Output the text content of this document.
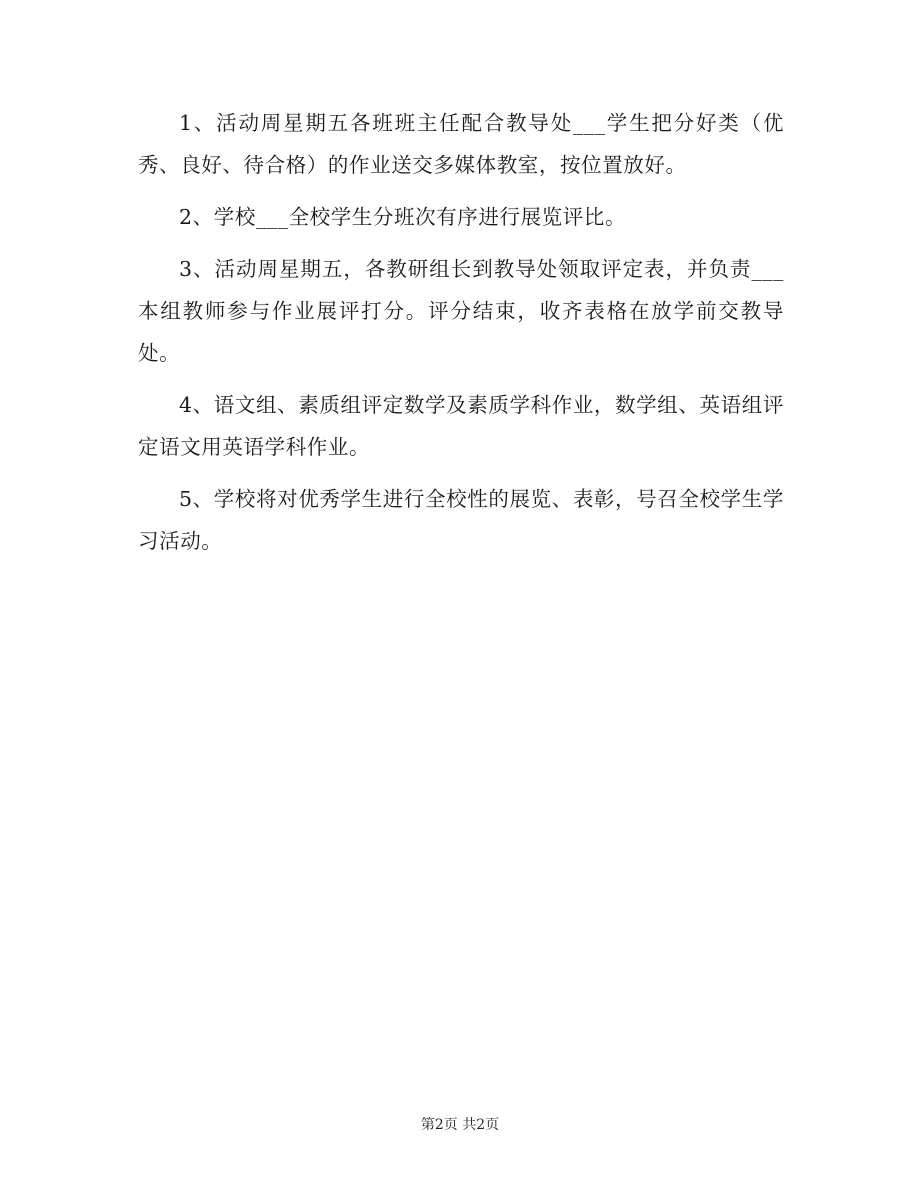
1、活动周星期五各班班主任配合教导处___学生把分好类（优秀、良好、待合格）的作业送交多媒体教室，按位置放好。

2、学校___全校学生分班次有序进行展览评比。

3、活动周星期五，各教研组长到教导处领取评定表，并负责___本组教师参与作业展评打分。评分结束，收齐表格在放学前交教导处。

4、语文组、素质组评定数学及素质学科作业，数学组、英语组评定语文用英语学科作业。

5、学校将对优秀学生进行全校性的展览、表彰，号召全校学生学习活动。

第2页 共2页
